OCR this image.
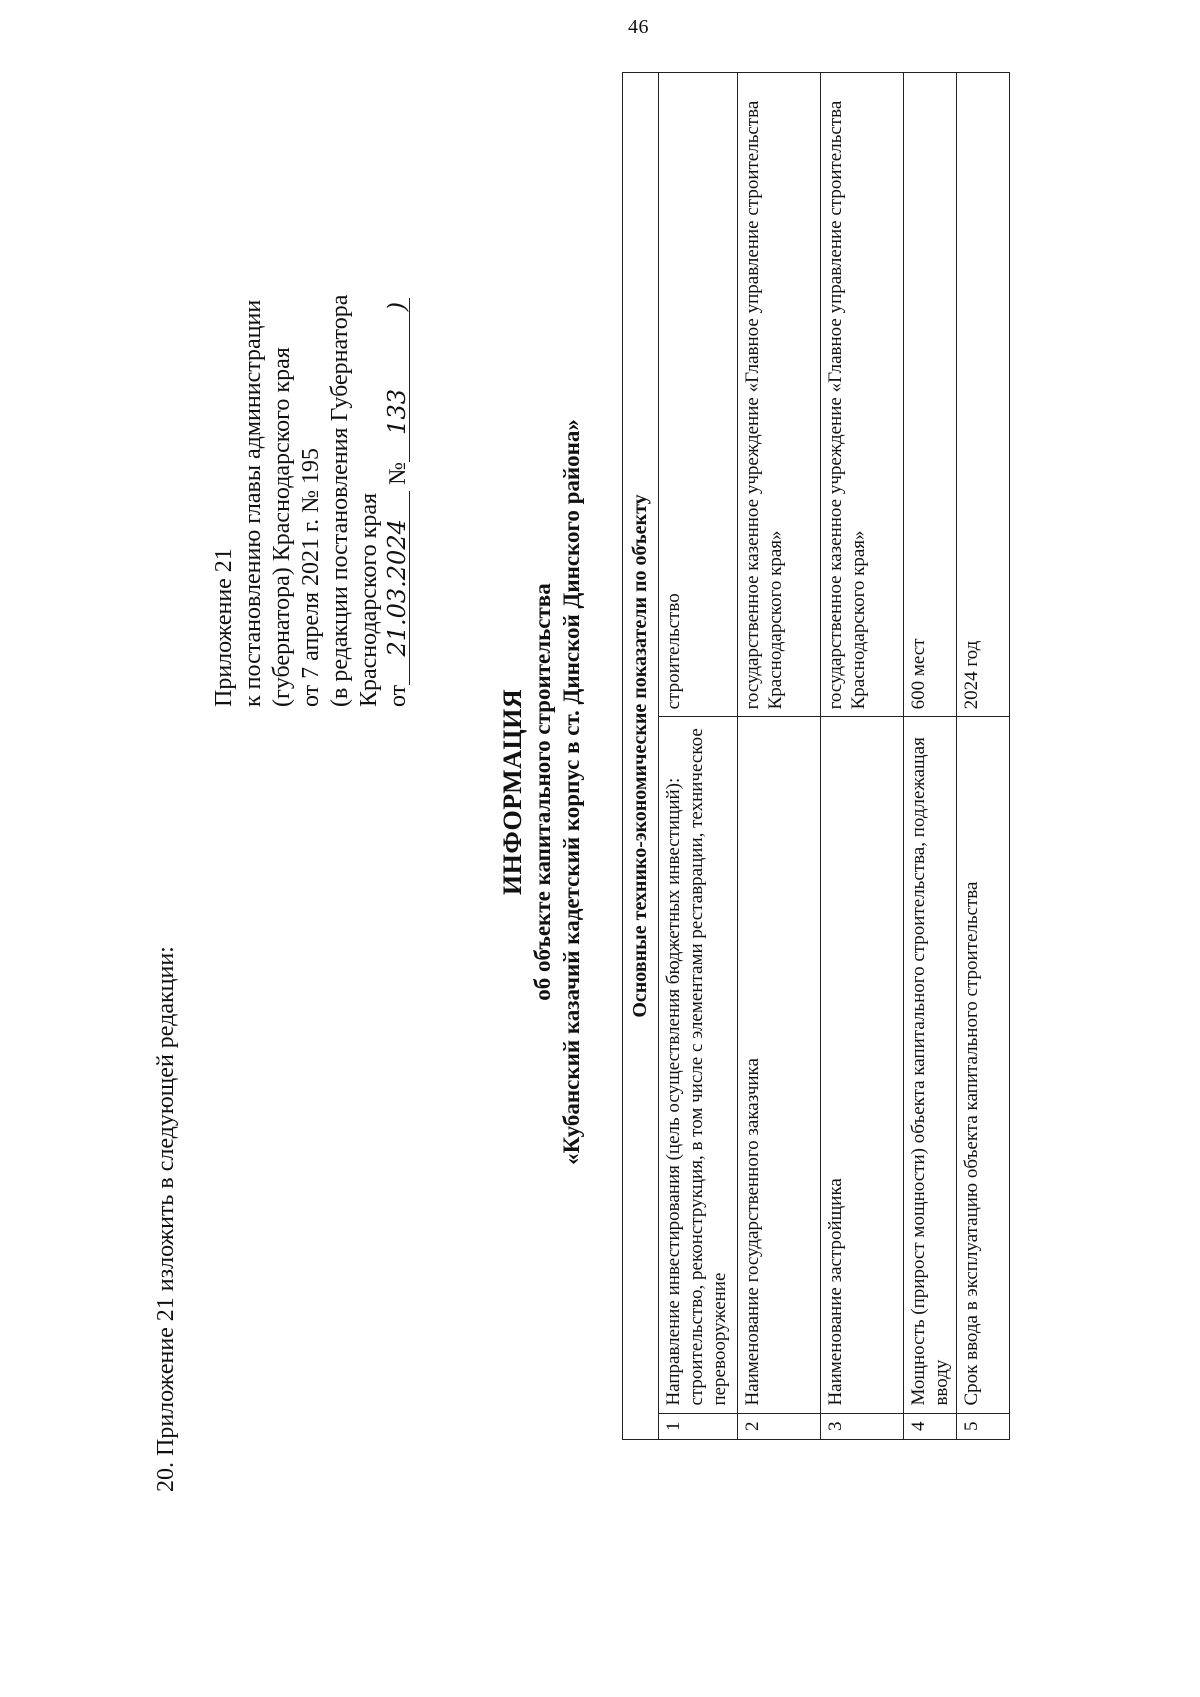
46
20. Приложение 21 изложить в следующей редакции:
Приложение 21 к постановлению главы администрации (губернатора) Краснодарского края от 7 апреля 2021 г. № 195 (в редакции постановления Губернатора Краснодарского края от21.03.2024 №133)
ИНФОРМАЦИЯ об объекте капитального строительства «Кубанский казачий кадетский корпус в ст. Динской Динского района» Основные технико-экономические показатели по объекту		
1	Направление инвестирования (цель осуществления бюджетных инвестиций): строительство, реконструкция, в том числе с элементами реставрации, техническое перевооружение	строительство
2	Наименование государственного заказчика	государственное казенное учреждение «Главное управление строительства Краснодарского края»
3	Наименование застройщика	государственное казенное учреждение «Главное управление строительства Краснодарского края»
4	Мощность (прирост мощности) объекта капитального строительства, подлежащая вводу	600 мест
5	Срок ввода в эксплуатацию объекта капитального строительства	2024 год
